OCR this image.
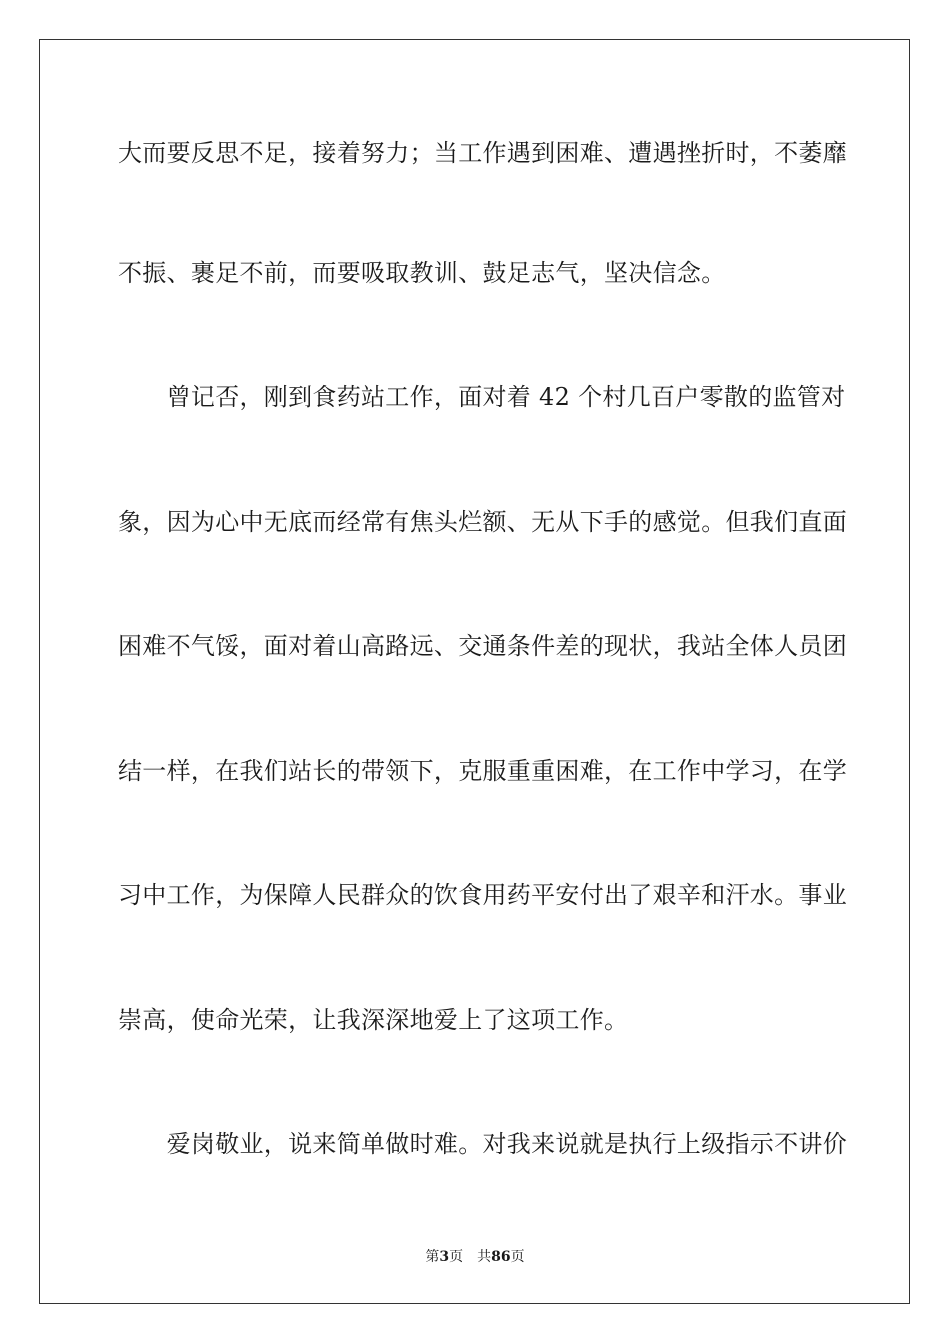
大而要反思不足，接着努力；当工作遇到困难、遭遇挫折时，不萎靡
不振、裹足不前，而要吸取教训、鼓足志气，坚决信念。
　　曾记否，刚到食药站工作，面对着 42 个村几百户零散的监管对
象，因为心中无底而经常有焦头烂额、无从下手的感觉。但我们直面
困难不气馁，面对着山高路远、交通条件差的现状，我站全体人员团
结一样，在我们站长的带领下，克服重重困难，在工作中学习，在学
习中工作，为保障人民群众的饮食用药平安付出了艰辛和汗水。事业
崇高，使命光荣，让我深深地爱上了这项工作。
　　爱岗敬业，说来简单做时难。对我来说就是执行上级指示不讲价
第3页 共86页
